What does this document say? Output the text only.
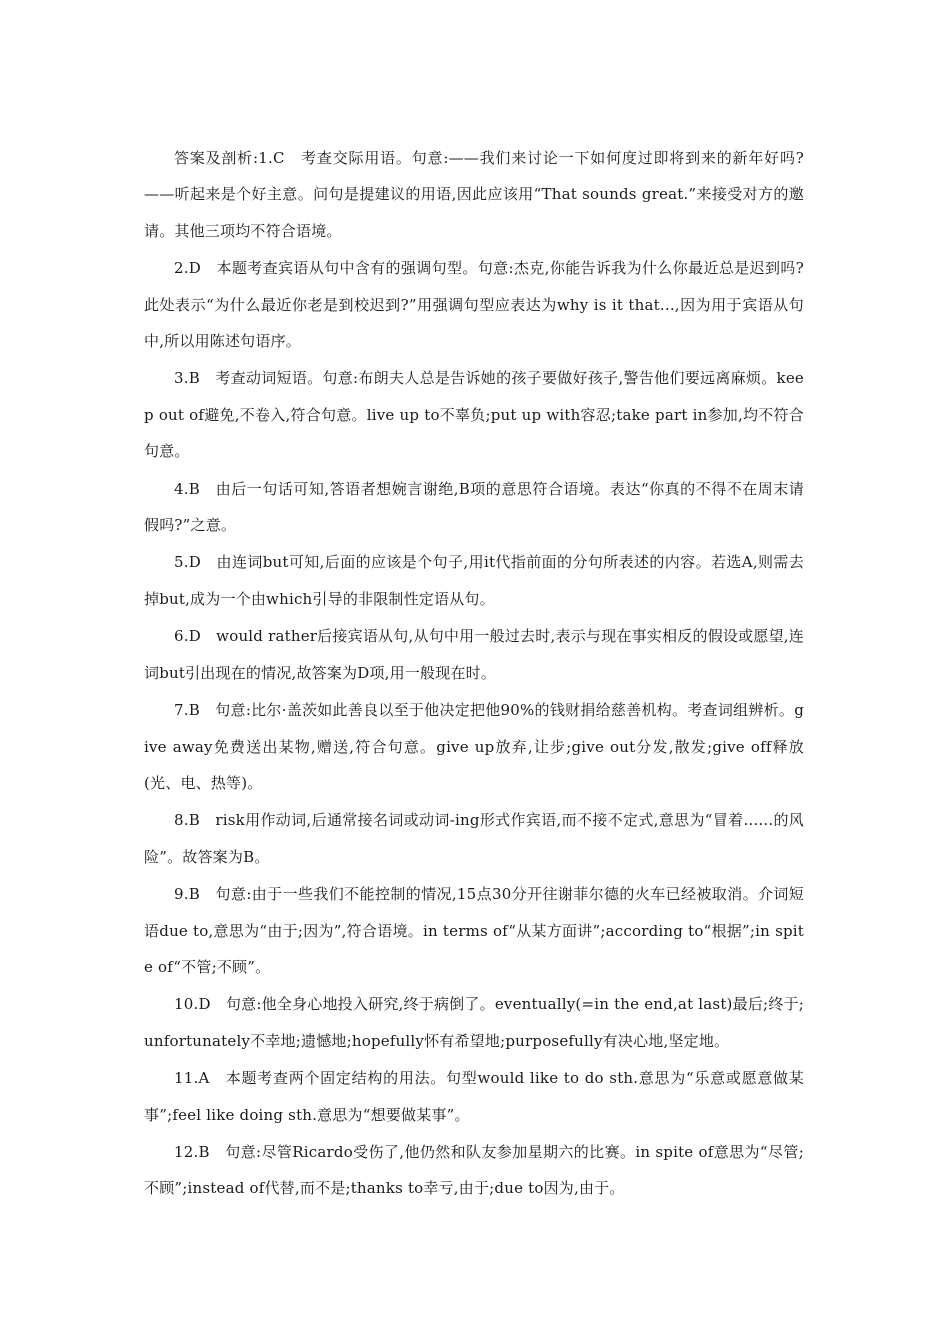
答案及剖析:1.C　考查交际用语。句意:——我们来讨论一下如何度过即将到来的新年好吗?——听起来是个好主意。问句是提建议的用语,因此应该用“That sounds great.”来接受对方的邀请。其他三项均不符合语境。

2.D　本题考查宾语从句中含有的强调句型。句意:杰克,你能告诉我为什么你最近总是迟到吗?此处表示“为什么最近你老是到校迟到?”用强调句型应表达为why is it that...,因为用于宾语从句中,所以用陈述句语序。

3.B　考查动词短语。句意:布朗夫人总是告诉她的孩子要做好孩子,警告他们要远离麻烦。keep out of避免,不卷入,符合句意。live up to不辜负;put up with容忍;take part in参加,均不符合句意。

4.B　由后一句话可知,答语者想婉言谢绝,B项的意思符合语境。表达“你真的不得不在周末请假吗?”之意。

5.D　由连词but可知,后面的应该是个句子,用it代指前面的分句所表述的内容。若选A,则需去掉but,成为一个由which引导的非限制性定语从句。

6.D　would rather后接宾语从句,从句中用一般过去时,表示与现在事实相反的假设或愿望,连词but引出现在的情况,故答案为D项,用一般现在时。

7.B　句意:比尔·盖茨如此善良以至于他决定把他90%的钱财捐给慈善机构。考查词组辨析。give away免费送出某物,赠送,符合句意。give up放弃,让步;give out分发,散发;give off释放(光、电、热等)。

8.B　risk用作动词,后通常接名词或动词-ing形式作宾语,而不接不定式,意思为“冒着......的风险”。故答案为B。

9.B　句意:由于一些我们不能控制的情况,15点30分开往谢菲尔德的火车已经被取消。介词短语due to,意思为“由于;因为”,符合语境。in terms of“从某方面讲”;according to“根据”;in spite of“不管;不顾”。

10.D　句意:他全身心地投入研究,终于病倒了。eventually(=in the end,at last)最后;终于;unfortunately不幸地;遗憾地;hopefully怀有希望地;purposefully有决心地,坚定地。

11.A　本题考查两个固定结构的用法。句型would like to do sth.意思为“乐意或愿意做某事”;feel like doing sth.意思为“想要做某事”。

12.B　句意:尽管Ricardo受伤了,他仍然和队友参加星期六的比赛。in spite of意思为“尽管;不顾”;instead of代替,而不是;thanks to幸亏,由于;due to因为,由于。
